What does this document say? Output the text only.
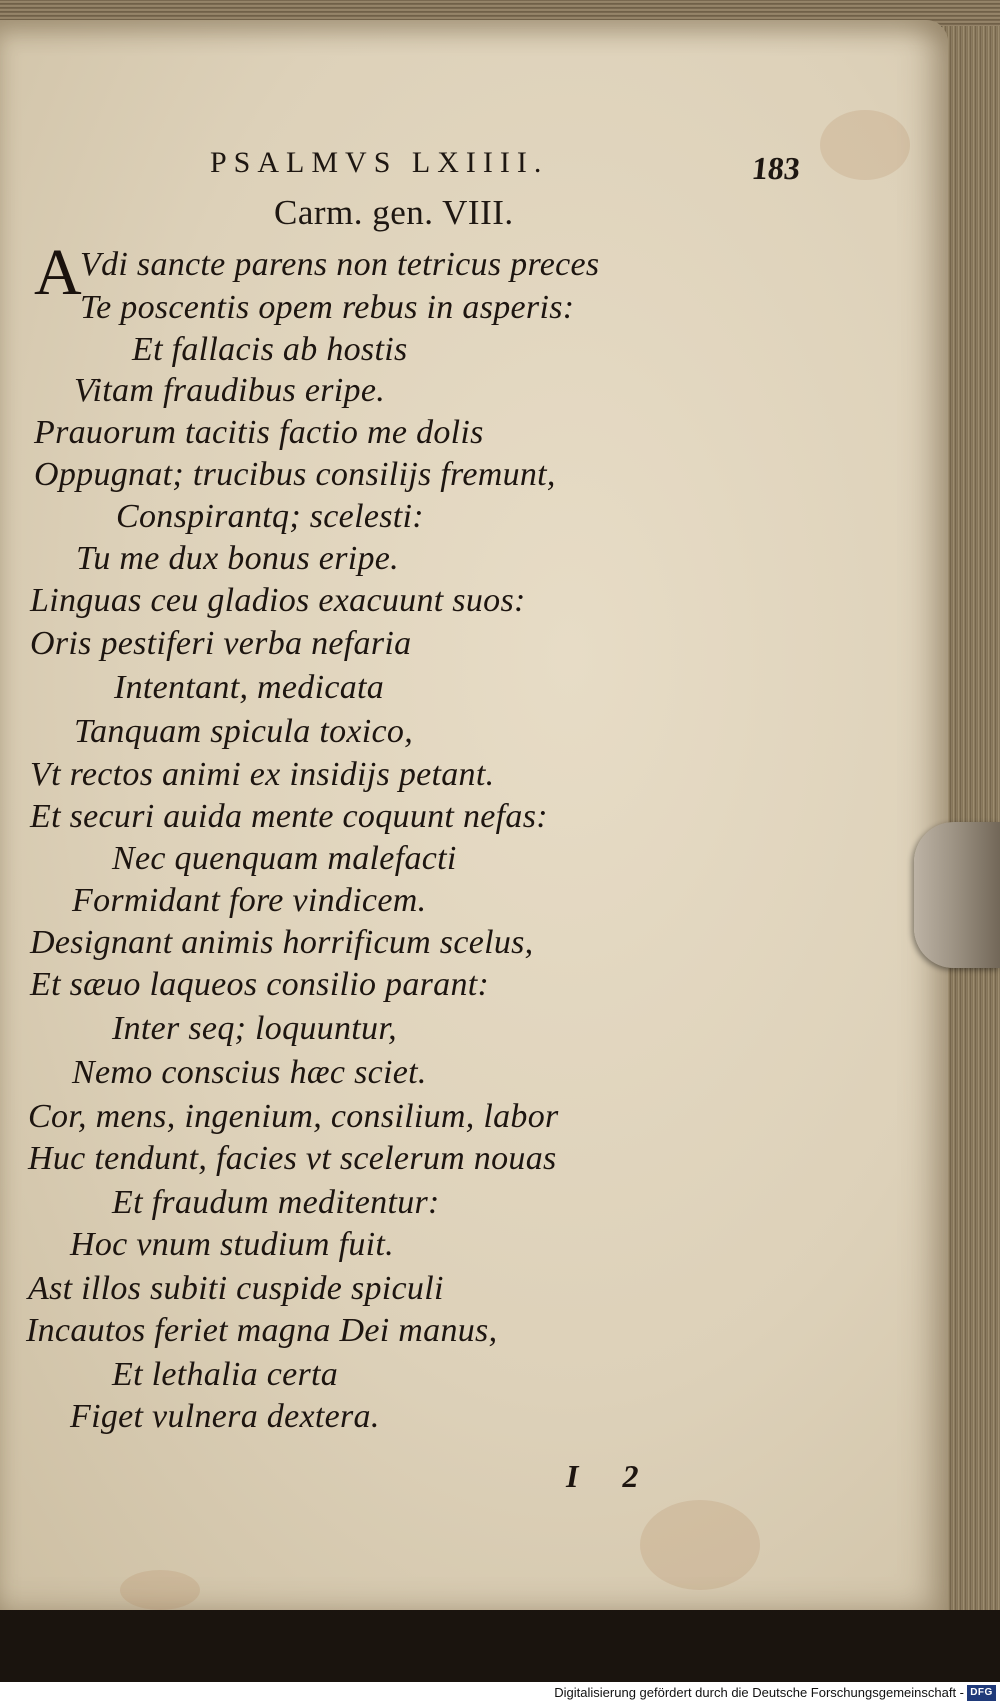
PSALMVS LXIIII.	183
Carm. gen. VIII.
A
Vdi sancte parens non tetricus preces
Te poscentis opem rebus in asperis:
Et fallacis ab hostis
Vitam fraudibus eripe.
Prauorum tacitis factio me dolis
Oppugnat; trucibus consilijs fremunt,
Conspirantq; scelesti:
Tu me dux bonus eripe.
Linguas ceu gladios exacuunt suos:
Oris pestiferi verba nefaria
Intentant, medicata
Tanquam spicula toxico,
Vt rectos animi ex insidijs petant.
Et securi auida mente coquunt nefas:
Nec quenquam malefacti
Formidant fore vindicem.
Designant animis horrificum scelus,
Et sæuo laqueos consilio parant:
Inter seq; loquuntur,
Nemo conscius hæc sciet.
Cor, mens, ingenium, consilium, labor
Huc tendunt, facies vt scelerum nouas
Et fraudum meditentur:
Hoc vnum studium fuit.
Ast illos subiti cuspide spiculi
Incautos feriet magna Dei manus,
Et lethalia certa
Figet vulnera dextera.
I 2
Digitalisierung gefördert durch die Deutsche Forschungsgemeinschaft - DFG
